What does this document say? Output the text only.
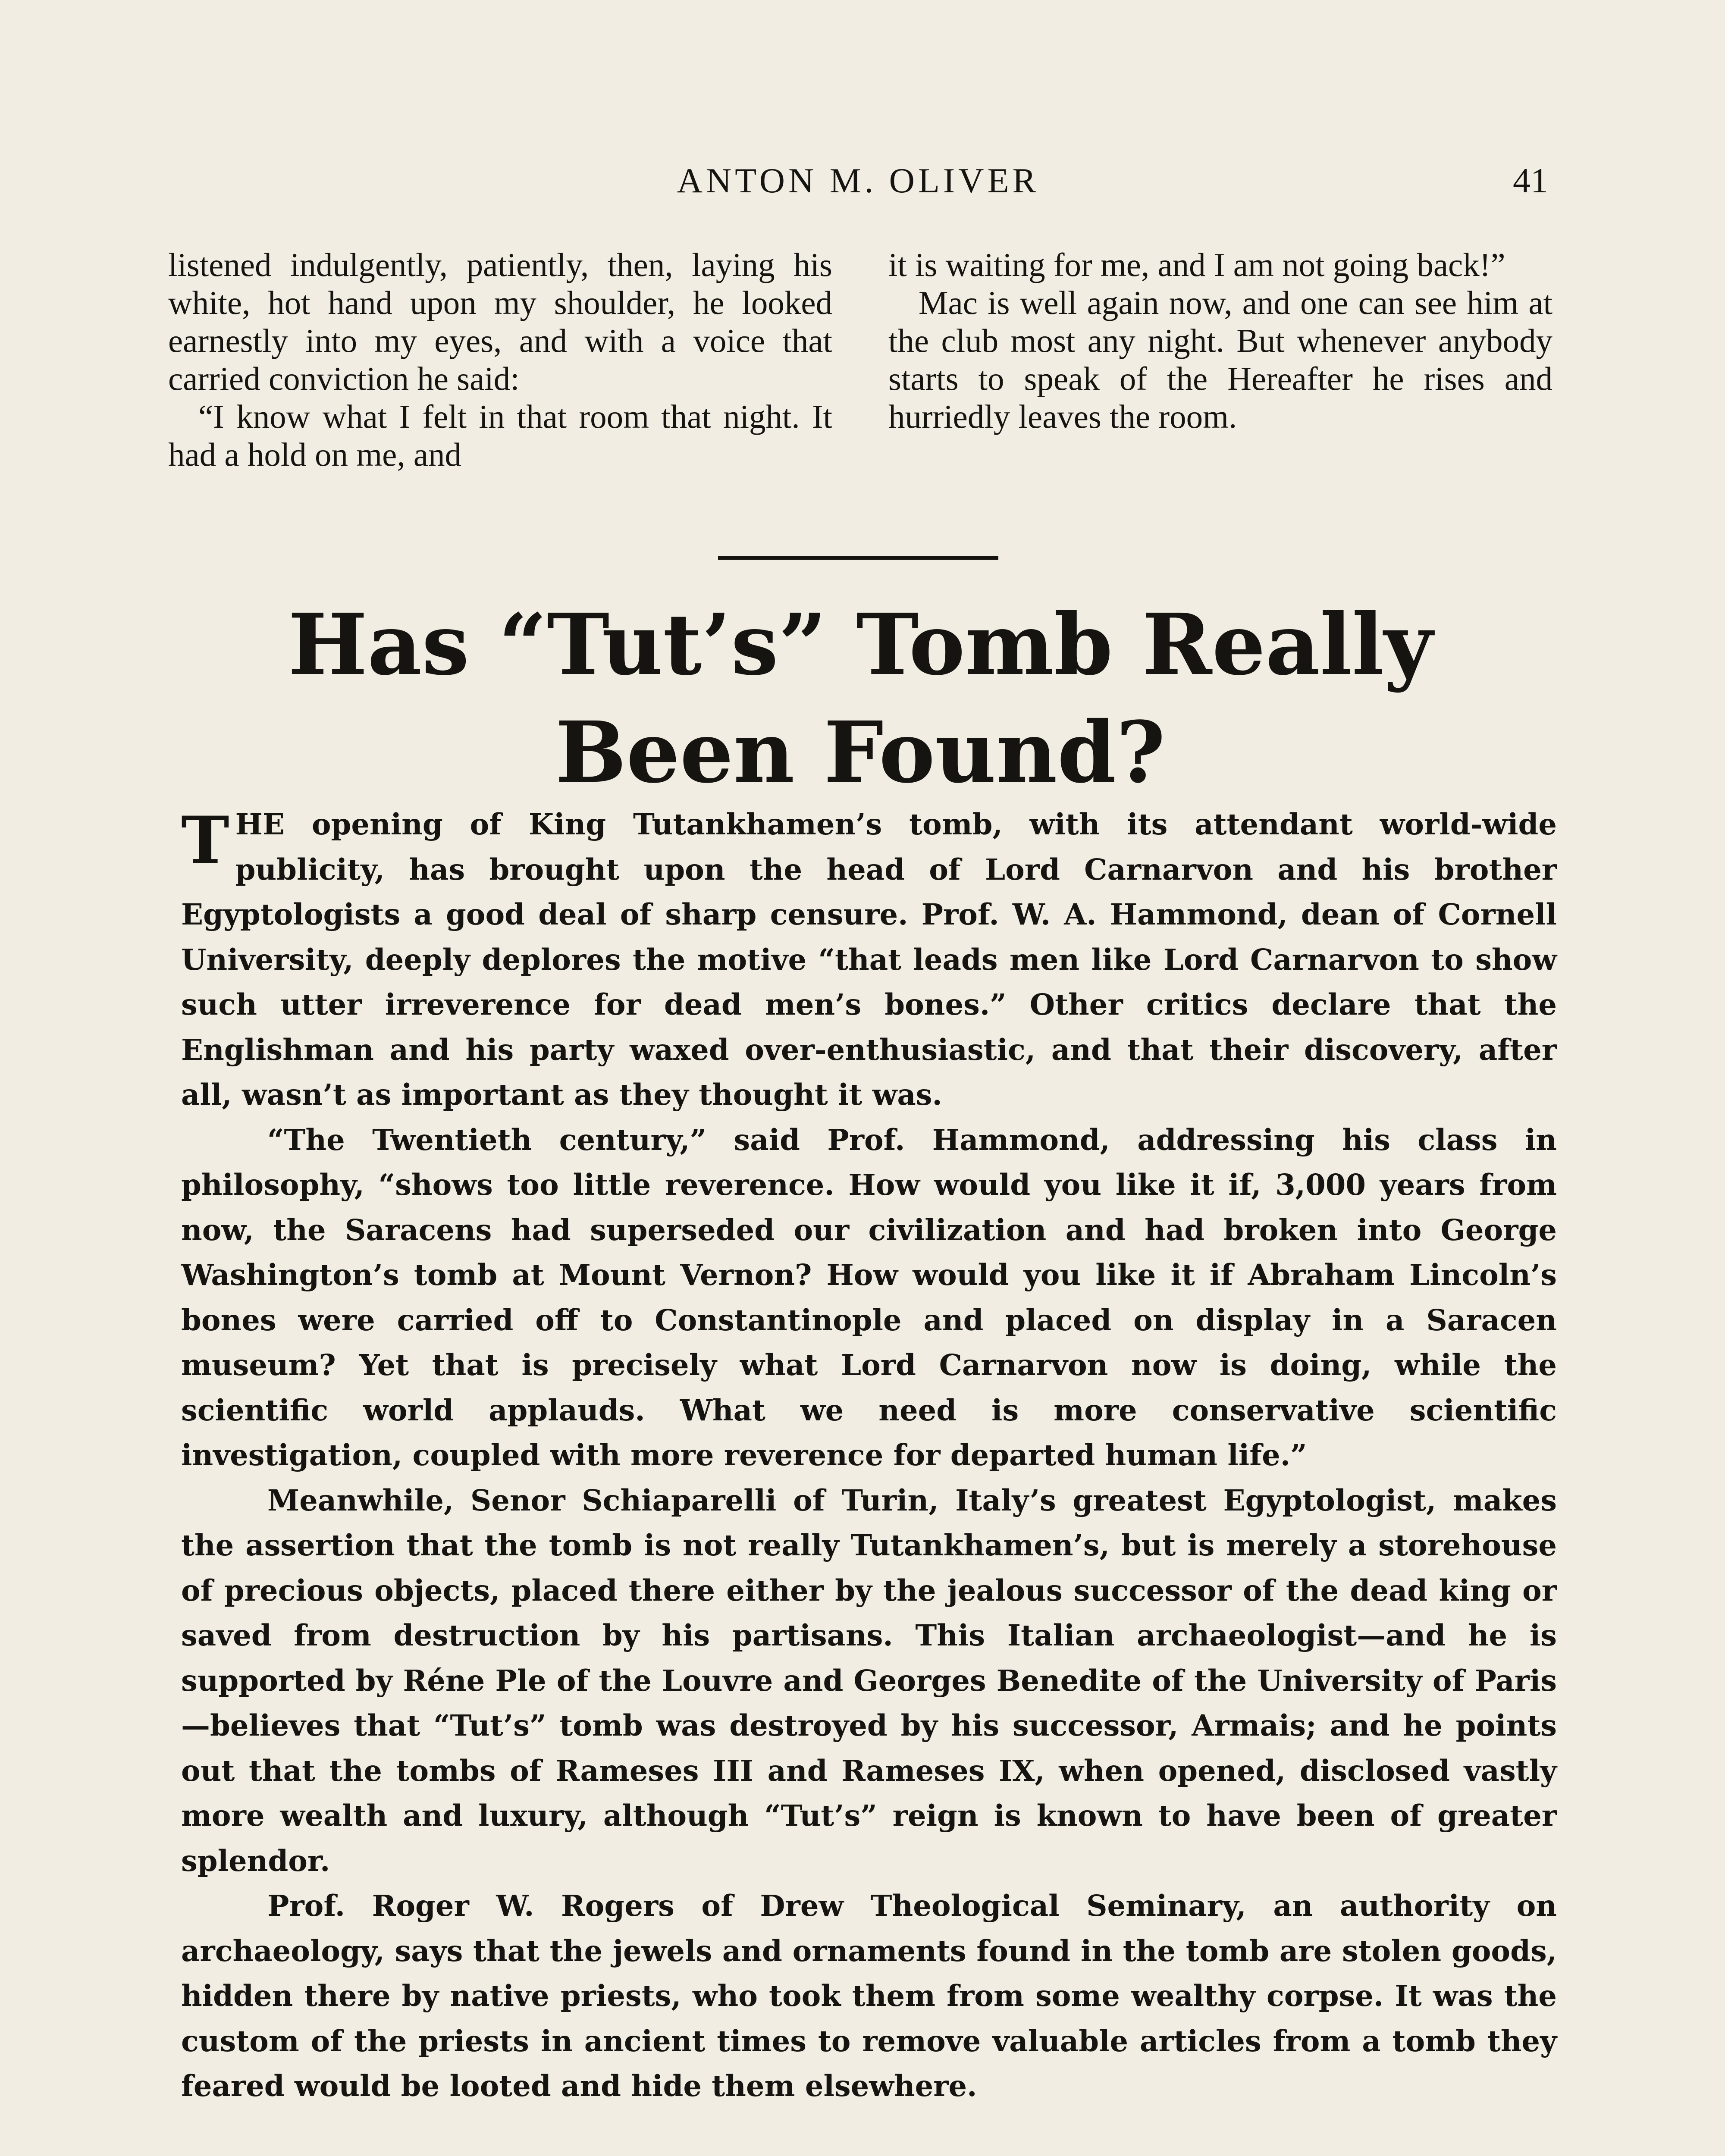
ANTON M. OLIVER	41

listened indulgently, patiently, then, laying his white, hot hand upon my shoulder, he looked earnestly into my eyes, and with a voice that carried conviction he said:

“I know what I felt in that room that night. It had a hold on me, and

it is waiting for me, and I am not going back!”

Mac is well again now, and one can see him at the club most any night. But whenever anybody starts to speak of the Hereafter he rises and hurriedly leaves the room.

Has “Tut’s” Tomb Really
Been Found?

THE opening of King Tutankhamen’s tomb, with its attendant world-wide publicity, has brought upon the head of Lord Carnarvon and his brother Egyptologists a good deal of sharp censure. Prof. W. A. Hammond, dean of Cornell University, deeply deplores the motive “that leads men like Lord Carnarvon to show such utter irreverence for dead men’s bones.” Other critics declare that the Englishman and his party waxed over-enthusiastic, and that their discovery, after all, wasn’t as important as they thought it was.

“The Twentieth century,” said Prof. Hammond, addressing his class in philosophy, “shows too little reverence. How would you like it if, 3,000 years from now, the Saracens had superseded our civilization and had broken into George Washington’s tomb at Mount Vernon? How would you like it if Abraham Lincoln’s bones were carried off to Constantinople and placed on display in a Saracen museum? Yet that is precisely what Lord Carnarvon now is doing, while the scientific world applauds. What we need is more conservative scientific investigation, coupled with more reverence for departed human life.”

Meanwhile, Senor Schiaparelli of Turin, Italy’s greatest Egyptologist, makes the assertion that the tomb is not really Tutankhamen’s, but is merely a storehouse of precious objects, placed there either by the jealous successor of the dead king or saved from destruction by his partisans. This Italian archaeologist—and he is supported by Réne Ple of the Louvre and Georges Benedite of the University of Paris—believes that “Tut’s” tomb was destroyed by his successor, Armais; and he points out that the tombs of Rameses III and Rameses IX, when opened, disclosed vastly more wealth and luxury, although “Tut’s” reign is known to have been of greater splendor.

Prof. Roger W. Rogers of Drew Theological Seminary, an authority on archaeology, says that the jewels and ornaments found in the tomb are stolen goods, hidden there by native priests, who took them from some wealthy corpse. It was the custom of the priests in ancient times to remove valuable articles from a tomb they feared would be looted and hide them elsewhere.
